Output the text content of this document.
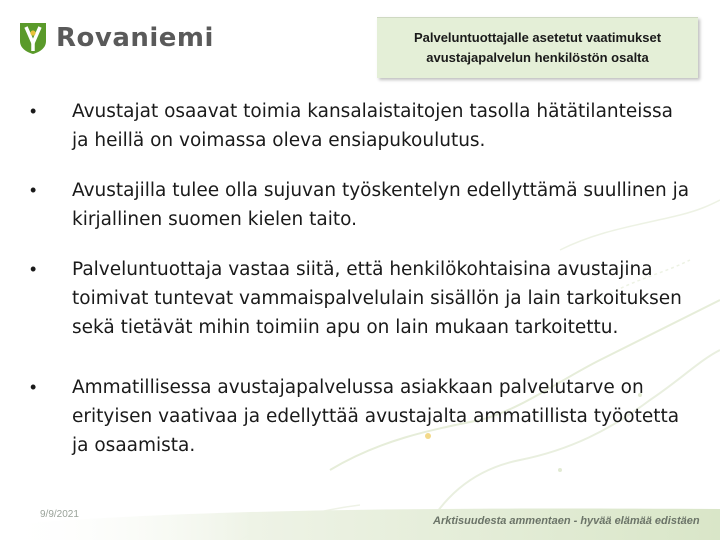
Rovaniemi	Palveluntuottajalle asetetut vaatimukset
avustajapalvelun henkilöstön osalta
• Avustajat osaavat toimia kansalaistaitojen tasolla hätätilanteissa ja heillä on voimassa oleva ensiapukoulutus.
• Avustajilla tulee olla sujuvan työskentelyn edellyttämä suullinen ja kirjallinen suomen kielen taito.
• Palveluntuottaja vastaa siitä, että henkilökohtaisina avustajina toimivat tuntevat vammaispalvelulain sisällön ja lain tarkoituksen sekä tietävät mihin toimiin apu on lain mukaan tarkoitettu.
• Ammatillisessa avustajapalvelussa asiakkaan palvelutarve on erityisen vaativaa ja edellyttää avustajalta ammatillista työotetta ja osaamista.
9/9/2021
Arktisuudesta ammentaen - hyvää elämää edistäen
